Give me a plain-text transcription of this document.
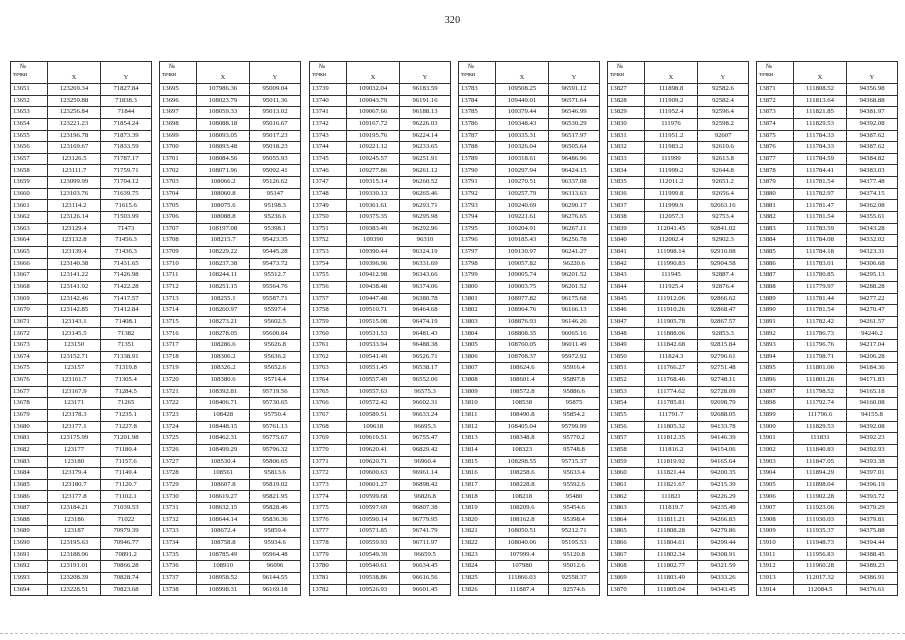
320
№
точки	X	Y
13651	123269.34	71827.84
13652	123259.88	71838.3
13653	123256.84	71844
13654	123221.23	71854.24
13655	123196.78	71873.39
13656	123169.67	71833.59
13657	123126.5	71787.17
13658	123111.7	71759.71
13659	123099.99	71704.12
13660	123103.76	71639.75
13661	123114.2	71615.6
13662	123126.14	71503.99
13663	123129.4	71473
13664	123132.8	71456.3
13665	123139.4	71436.3
13666	123140.38	71431.65
13667	123141.22	71426.98
13668	123141.92	71422.28
13669	123142.46	71417.57
13670	123142.85	71412.84
13671	123143.1	71408.1
13672	123145.5	71382
13673	123150	71351
13674	123152.71	71338.91
13675	123157	71319.8
13676	123161.7	71305.4
13677	123167.9	71284.5
13678	123171	71265
13679	123178.3	71235.1
13680	123177.1	71227.8
13681	123175.99	71201.98
13682	123177	71180.4
13683	123180	71157.6
13684	123179.4	71149.4
13685	123180.7	71120.7
13686	123177.8	71102.1
13687	123184.21	71039.53
13688	123186	71022
13689	123187	70979.39
13690	123195.63	70946.77
13691	123188.96	70891.2
13692	123191.01	70866.28
13693	123208.39	70828.74
13694	123228.51	70823.68
№
точки	X	Y
13695	107986.36	95009.04
13696	108023.79	95011.36
13697	108059.33	95013.02
13698	108088.18	95016.67
13699	108093.05	95017.23
13700	108093.48	95018.23
13701	108084.56	95055.93
13702	108071.96	95092.41
13703	108066.2	95126.62
13704	108060.8	95147
13705	108075.6	95198.3
13706	108088.8	95236.6
13707	108197.08	95398.1
13708	108215.7	95423.35
13709	108229.22	95445.28
13710	108237.38	95473.72
13711	108244.11	95512.7
13712	108251.15	95564.76
13713	108255.1	95587.71
13714	108260.97	95597.4
13715	108273.21	95602.5
13716	108278.05	95600.84
13717	108286.6	95626.8
13718	108306.2	95636.2
13719	108326.2	95652.6
13720	108380.6	95714.4
13721	108392.81	95719.56
13722	108406.71	95730.65
13723	108428	95750.4
13724	108448.15	95761.13
13725	108462.31	95775.67
13726	108499.29	95796.32
13727	108530.4	95806.65
13728	108561	95813.6
13729	108607.8	95819.02
13730	108619.27	95821.95
13731	108632.15	95828.46
13732	108644.14	95836.36
13733	108672.4	95859.4
13734	108758.8	95934.6
13735	108785.49	95964.48
13736	108910	96096
13737	108958.52	96144.55
13738	108998.31	96169.18
№
точки	X	Y
13739	109032.04	96183.59
13740	109043.79	96191.16
13741	109067.66	96188.13
13742	109167.72	96226.03
13743	109195.76	96224.14
13744	109221.12	96233.65
13745	109245.57	96251.91
13746	109277.86	96261.12
13747	109315.14	96260.52
13748	109330.13	96265.46
13749	109361.61	96293.71
13750	109375.35	96295.98
13751	109383.49	96292.96
13752	109390	96310
13753	109390.44	96324.19
13754	109396.96	96331.69
13755	109412.98	96343.66
13756	109438.48	96374.06
13757	109447.48	96380.78
13758	109510.71	96464.68
13759	109515.08	96474.19
13760	109531.53	96481.43
13761	109533.94	96488.38
13762	109541.49	96526.71
13763	109551.45	96538.17
13764	109557.49	96552.06
13765	109557.63	96575.3
13766	109572.42	96602.31
13767	109589.51	96633.24
13768	109618	96695.3
13769	109619.51	96755.47
13770	109620.41	96829.42
13771	109620.71	96960.4
13772	109600.63	96961.14
13773	109601.27	96898.42
13774	109599.68	96826.8
13775	109597.69	96807.38
13776	109590.14	96779.95
13777	109571.85	96741.79
13778	109559.93	96711.97
13779	109549.39	96659.5
13780	109540.61	96634.45
13781	109538.86	96616.56
13782	109526.93	96601.45
№
точки	X	Y
13783	109508.25	96591.12
13784	109449.01	96571.64
13785	109379.44	96546.99
13786	109348.43	96530.29
13787	109335.31	96517.97
13788	109326.04	96505.64
13789	109318.61	96486.96
13790	109297.94	96424.15
13791	109270.51	96337.08
13792	109257.79	96313.63
13793	109240.69	96290.17
13794	109221.61	96276.65
13795	109204.91	96267.11
13796	109185.43	96256.78
13797	109130.97	96241.27
13798	109057.82	96220.6
13799	109005.74	96201.52
13800	109003.75	96201.52
13801	108977.82	96175.68
13802	108964.76	96166.13
13803	108876.93	96146.26
13804	108808.35	96065.16
13805	108760.05	96011.49
13806	108708.37	95972.92
13807	108624.6	95916.4
13808	108601.4	95897.8
13809	108572.8	95886.6
13810	108538	95875
13811	108490.8	95854.2
13812	108405.04	95799.99
13813	108348.8	95770.2
13814	108323	95748.8
13815	108298.55	95715.37
13816	108258.6	95633.4
13817	108228.8	95592.6
13818	108218	95480
13819	108209.6	95454.6
13820	108162.8	95398.4
13821	108050.51	95212.71
13822	108040.06	95195.53
13823	107999.4	95120.8
13824	107980	95012.6
13825	111866.03	92558.37
13826	111887.4	92574.6
№
точки	X	Y
13827	111898.8	92582.6
13828	111909.2	92582.4
13829	111952.4	92596.4
13830	111976	92598.2
13831	111951.2	92607
13832	111983.2	92610.6
13833	111999	92613.8
13834	111999.2	92644.8
13835	112011.2	92651.2
13836	111999.8	92656.4
13837	111999.9	92663.16
13838	112057.3	92753.4
13839	112041.45	92841.02
13840	112002.4	92902.3
13841	111998.14	92910.08
13842	111990.83	92904.58
13843	111945	92887.4
13844	111925.4	92876.4
13845	111912.06	92866.62
13846	111910.26	92868.47
13847	111905.78	92867.57
13848	111888.06	92853.3
13849	111842.68	92815.84
13850	111824.3	92796.61
13851	111766.27	92751.48
13852	111768.46	92748.11
13853	111774.62	92728.09
13854	111785.81	92698.79
13855	111791.7	92688.05
13856	111805.32	94133.78
13857	111812.35	94146.39
13858	111816.2	94154.06
13859	111819.92	94165.64
13860	111821.44	94200.35
13861	111821.67	94215.39
13862	111821	94226.29
13863	111819.7	94235.49
13864	111811.21	94266.83
13865	111808.28	94279.86
13866	111804.61	94299.44
13867	111802.34	94308.91
13868	111802.77	94321.59
13869	111803.49	94333.26
13870	111805.04	94343.45
№
точки	X	Y
13871	111808.52	94356.98
13872	111813.64	94368.88
13873	111821.85	94381.97
13874	111829.53	94392.08
13875	111784.33	94387.62
13876	111784.33	94387.62
13877	111784.59	94384.82
13878	111784.41	94383.03
13879	111781.54	94377.48
13880	111782.97	94374.15
13881	111781.47	94362.08
13882	111781.54	94355.61
13883	111783.59	94343.28
13884	111784.08	94332.02
13885	111784.18	94323.31
13886	111783.01	94306.68
13887	111780.85	94295.13
13888	111779.97	94288.28
13889	111781.44	94277.22
13890	111781.54	94270.47
13891	111782.42	94261.57
13892	111786.73	94246.2
13893	111796.76	94217.04
13894	111798.71	94206.28
13895	111801.06	94184.36
13896	111801.26	94171.83
13897	111798.52	94165.18
13898	111792.74	94160.08
13899	111796.6	94155.8
13900	111829.53	94392.08
13901	111831	94392.23
13902	111840.83	94392.93
13903	111847.05	94393.38
13904	111894.29	94397.01
13905	111898.04	94396.19
13906	111902.28	94393.72
13907	111923.06	94379.29
13908	111930.03	94379.81
13909	111935.37	94375.88
13910	111948.73	94394.44
13911	111956.83	94388.45
13912	111960.28	94389.23
13913	112017.32	94386.91
13914	112084.5	94376.61
